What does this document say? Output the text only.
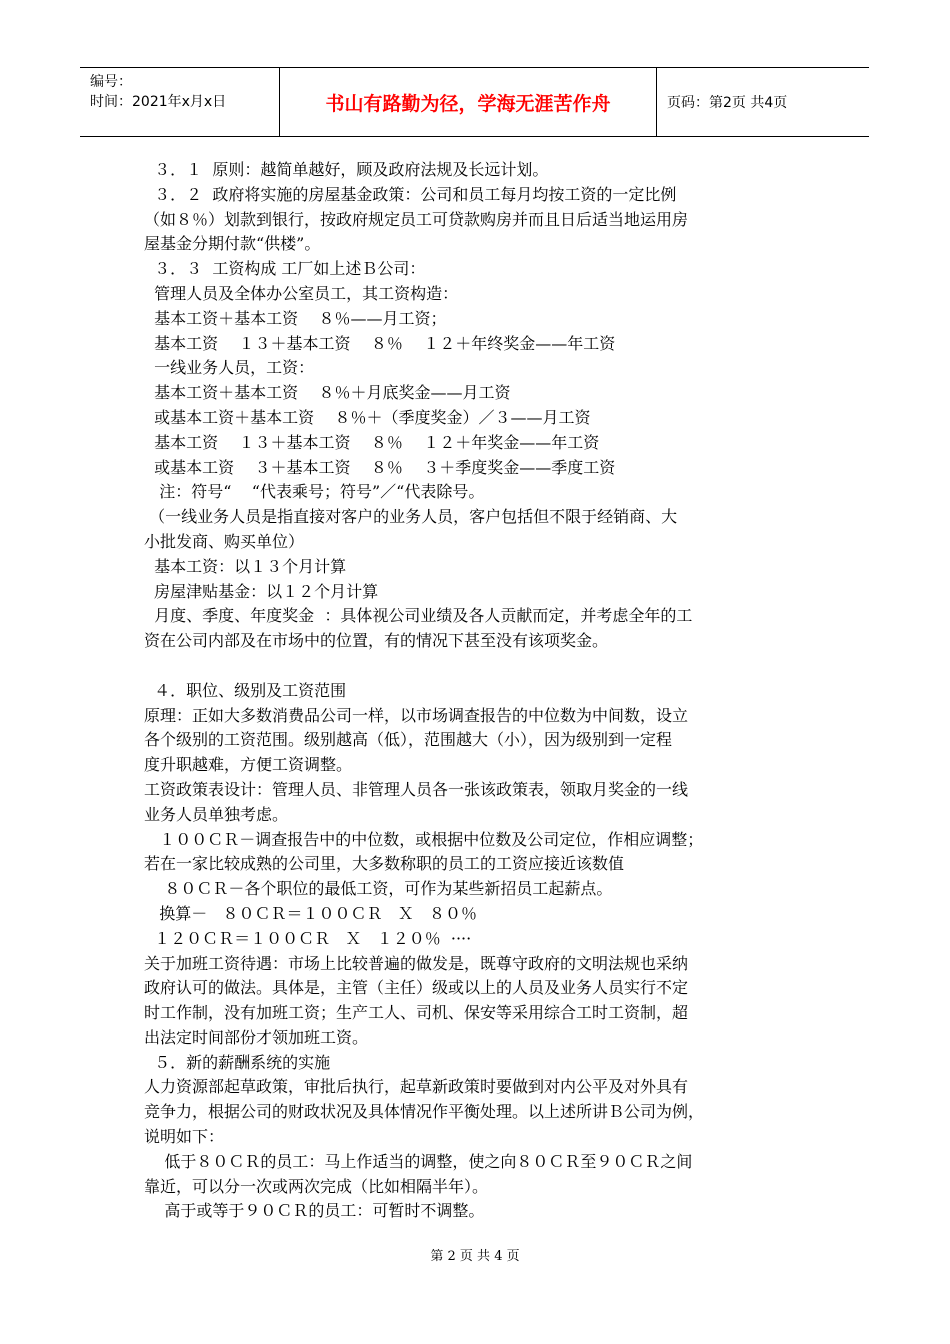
编号：
时间：2021年x月x日	书山有路勤为径，学海无涯苦作舟	页码：第2页 共4页
３．１  原则：越简单越好，顾及政府法规及长远计划。
３．２  政府将实施的房屋基金政策：公司和员工每月均按工资的一定比例
（如８％）划款到银行，按政府规定员工可贷款购房并而且日后适当地运用房
屋基金分期付款“供楼”。
３．３  工资构成 工厂如上述Ｂ公司：
管理人员及全体办公室员工，其工资构造：
基本工资＋基本工资    ８％——月工资；
基本工资    １３＋基本工资    ８％    １２＋年终奖金——年工资
一线业务人员，工资：
基本工资＋基本工资    ８％＋月底奖金——月工资
或基本工资＋基本工资    ８％＋（季度奖金）／３——月工资
基本工资    １３＋基本工资    ８％    １２＋年奖金——年工资
或基本工资    ３＋基本工资    ８％    ３＋季度奖金——季度工资
注：符号“    “代表乘号；符号”／“代表除号。
（一线业务人员是指直接对客户的业务人员，客户包括但不限于经销商、大
小批发商、购买单位）
基本工资：以１３个月计算
房屋津贴基金：以１２个月计算
月度、季度、年度奖金  ：具体视公司业绩及各人贡献而定，并考虑全年的工
资在公司内部及在市场中的位置，有的情况下甚至没有该项奖金。
４．职位、级别及工资范围
原理：正如大多数消费品公司一样，以市场调查报告的中位数为中间数，设立
各个级别的工资范围。级别越高（低），范围越大（小），因为级别到一定程
度升职越难，方便工资调整。
工资政策表设计：管理人员、非管理人员各一张该政策表，领取月奖金的一线
业务人员单独考虑。
１００ＣＲ－调查报告中的中位数，或根据中位数及公司定位，作相应调整；
若在一家比较成熟的公司里，大多数称职的员工的工资应接近该数值
８０ＣＲ－各个职位的最低工资，可作为某些新招员工起薪点。
换算－   ８０ＣＲ＝１００ＣＲ   Ｘ   ８０％
１２０ＣＲ＝１００ＣＲ   Ｘ   １２０％  ····
关于加班工资待遇：市场上比较普遍的做发是，既尊守政府的文明法规也采纳
政府认可的做法。具体是，主管（主任）级或以上的人员及业务人员实行不定
时工作制，没有加班工资；生产工人、司机、保安等采用综合工时工资制，超
出法定时间部份才领加班工资。
５．新的薪酬系统的实施
人力资源部起草政策，审批后执行，起草新政策时要做到对内公平及对外具有
竞争力，根据公司的财政状况及具体情况作平衡处理。以上述所讲Ｂ公司为例，
说明如下：
低于８０ＣＲ的员工：马上作适当的调整，使之向８０ＣＲ至９０ＣＲ之间
靠近，可以分一次或两次完成（比如相隔半年）。
高于或等于９０ＣＲ的员工：可暂时不调整。
第 2 页 共 4 页
